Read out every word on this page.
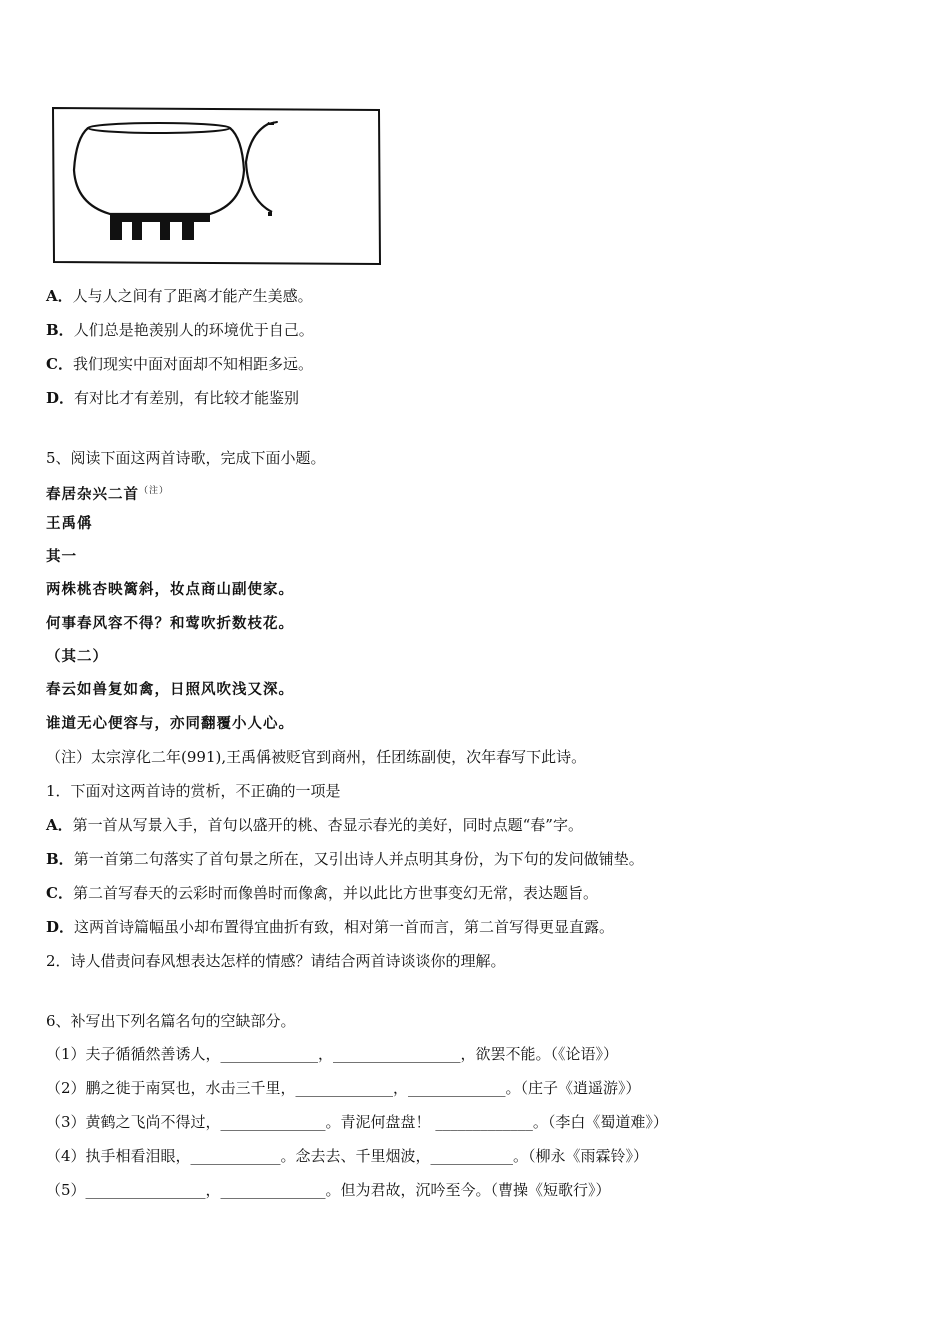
A．人与人之间有了距离才能产生美感。
B．人们总是艳羡别人的环境优于自己。
C．我们现实中面对面却不知相距多远。
D．有对比才有差别，有比较才能鉴别
5、阅读下面这两首诗歌，完成下面小题。
春居杂兴二首$^{(注)}$
王禹偁
其一
两株桃杏映篱斜，妆点商山副使家。
何事春风容不得？和莺吹折数枝花。
（其二）
春云如兽复如禽，日照风吹浅又深。
谁道无心便容与，亦同翻覆小人心。
（注）太宗淳化二年(991),王禹偁被贬官到商州，任团练副使，次年春写下此诗。
1．下面对这两首诗的赏析，不正确的一项是
A．第一首从写景入手，首句以盛开的桃、杏显示春光的美好，同时点题“春”字。
B．第一首第二句落实了首句景之所在，又引出诗人并点明其身份，为下句的发问做铺垫。
C．第二首写春天的云彩时而像兽时而像禽，并以此比方世事变幻无常，表达题旨。
D．这两首诗篇幅虽小却布置得宜曲折有致，相对第一首而言，第二首写得更显直露。
2．诗人借责问春风想表达怎样的情感？请结合两首诗谈谈你的理解。
6、补写出下列名篇名句的空缺部分。
（1）夫子循循然善诱人，_____________，_________________，欲罢不能。（《论语》）
（2）鹏之徙于南冥也，水击三千里，_____________，_____________。（庄子《逍遥游》）
（3）黄鹤之飞尚不得过，______________。青泥何盘盘！ _____________。（李白《蜀道难》）
（4）执手相看泪眼，____________。念去去、千里烟波，___________。（柳永《雨霖铃》）
（5）________________，______________。但为君故，沉吟至今。（曹操《短歌行》）
